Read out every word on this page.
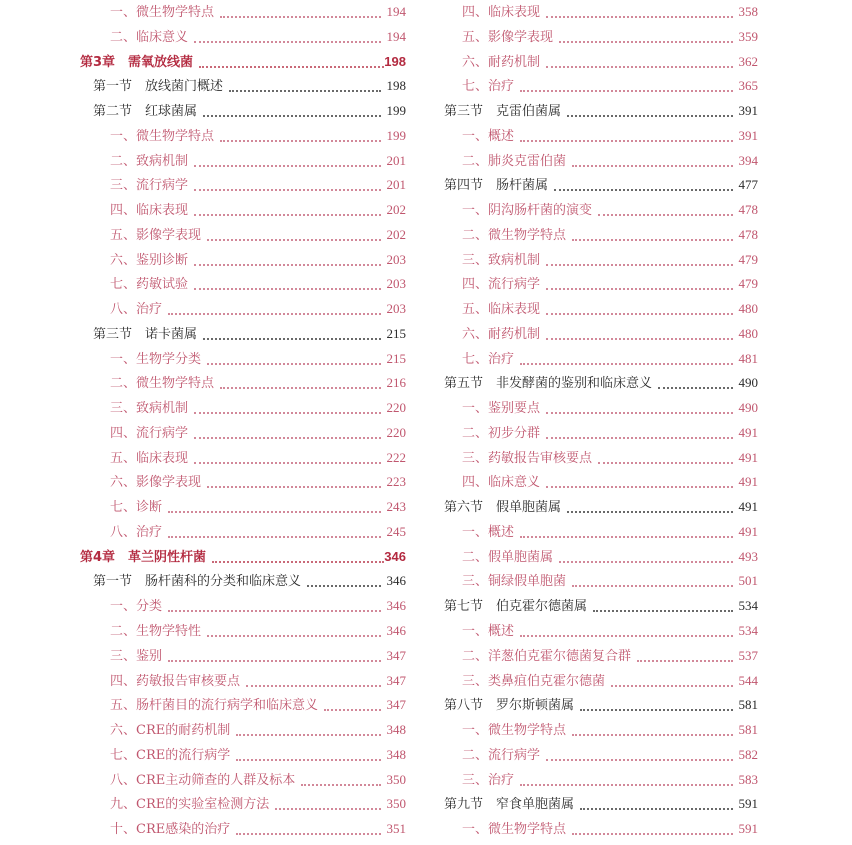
一、微生物学特点	194
二、临床意义	194
第3章　需氧放线菌	198
第一节　放线菌门概述	198
第二节　红球菌属	199
一、微生物学特点	199
二、致病机制	201
三、流行病学	201
四、临床表现	202
五、影像学表现	202
六、鉴别诊断	203
七、药敏试验	203
八、治疗	203
第三节　诺卡菌属	215
一、生物学分类	215
二、微生物学特点	216
三、致病机制	220
四、流行病学	220
五、临床表现	222
六、影像学表现	223
七、诊断	243
八、治疗	245
第4章　革兰阴性杆菌	346
第一节　肠杆菌科的分类和临床意义	346
一、分类	346
二、生物学特性	346
三、鉴别	347
四、药敏报告审核要点	347
五、肠杆菌目的流行病学和临床意义	347
六、CRE的耐药机制	348
七、CRE的流行病学	348
八、CRE主动筛查的人群及标本	350
九、CRE的实验室检测方法	350
十、CRE感染的治疗	351
四、临床表现	358
五、影像学表现	359
六、耐药机制	362
七、治疗	365
第三节　克雷伯菌属	391
一、概述	391
二、肺炎克雷伯菌	394
第四节　肠杆菌属	477
一、阴沟肠杆菌的演变	478
二、微生物学特点	478
三、致病机制	479
四、流行病学	479
五、临床表现	480
六、耐药机制	480
七、治疗	481
第五节　非发酵菌的鉴别和临床意义	490
一、鉴别要点	490
二、初步分群	491
三、药敏报告审核要点	491
四、临床意义	491
第六节　假单胞菌属	491
一、概述	491
二、假单胞菌属	493
三、铜绿假单胞菌	501
第七节　伯克霍尔德菌属	534
一、概述	534
二、洋葱伯克霍尔德菌复合群	537
三、类鼻疽伯克霍尔德菌	544
第八节　罗尔斯顿菌属	581
一、微生物学特点	581
二、流行病学	582
三、治疗	583
第九节　窄食单胞菌属	591
一、微生物学特点	591
